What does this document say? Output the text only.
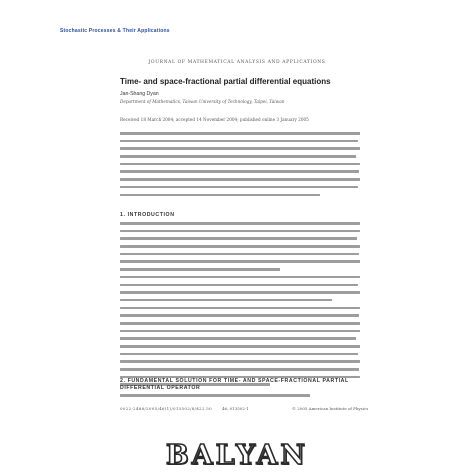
Stochastic Processes & Their Applications
JOURNAL OF MATHEMATICAL ANALYSIS AND APPLICATIONS
Time- and space-fractional partial differential equations
Jan-Shang Dyan
Department of Mathematics, Taiwan University of Technology, Taipei, Taiwan
Received 18 March 2004; accepted 14 November 2004; published online 3 January 2005
1. INTRODUCTION
2. FUNDAMENTAL SOLUTION FOR TIME- AND SPACE-FRACTIONAL PARTIAL DIFFERENTIAL OPERATOR
0022-2488/2005/46(1)/013502/8/$22.50	46, 013502-1	© 2005 American Institute of Physics
BALYAN
